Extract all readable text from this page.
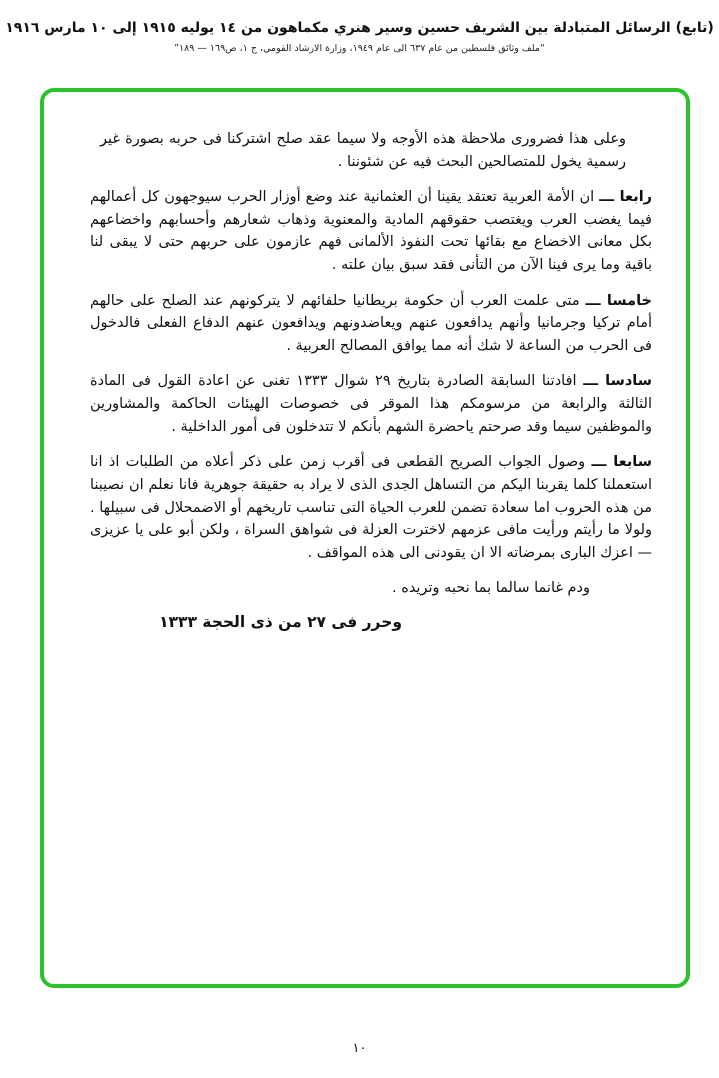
(تابع) الرسائل المتبادلة بين الشريف حسين وسير هنري مكماهون من ١٤ يوليه ١٩١٥ إلى ١٠ مارس ١٩١٦
“ملف وثائق فلسطين من عام ٦٣٧ الى عام ١٩٤٩، وزارة الارشاد القومي، ج ١، ص١٦٩ — ١٨٩”

وعلى هذا فضرورى ملاحظة هذه الأوجه ولا سيما عقد صلح اشتركنا فى حربه بصورة غير رسمية يخول للمتصالحين البحث فيه عن شئوننا .

رابعا ـــ ان الأمة العربية تعتقد يقينا أن العثمانية عند وضع أوزار الحرب سيوجهون كل أعمالهم فيما يغضب العرب ويغتصب حقوقهم المادية والمعنوية وذهاب شعارهم وأحسابهم واخضاعهم بكل معانى الاخضاع مع بقائها تحت النفوذ الألمانى فهم عازمون على حربهم حتى لا يبقى لنا باقية وما يرى فينا الآن من التأنى فقد سبق بيان علته .

خامسا ـــ متى علمت العرب أن حكومة بريطانيا حلفائهم لا يتركونهم عند الصلح على حالهم أمام تركيا وجرمانيا وأنهم يدافعون عنهم ويعاضدونهم ويدافعون عنهم الدفاع الفعلى فالدخول فى الحرب من الساعة لا شك أنه مما يوافق المصالح العربية .

سادسا ـــ افادتنا السابقة الصادرة بتاريخ ٢٩ شوال ١٣٣٣ تغنى عن اعادة القول فى المادة الثالثة والرابعة من مرسومكم هذا الموقر فى خصوصات الهيئات الحاكمة والمشاورين والموظفين سيما وقد صرحتم ياحضرة الشهم بأنكم لا تتدخلون فى أمور الداخلية .

سابعا ـــ وصول الجواب الصريح القطعى فى أقرب زمن على ذكر أعلاه من الطلبات اذ انا استعملنا كلما يقربنا اليكم من التساهل الجدى الذى لا يراد به حقيقة جوهرية فانا نعلم ان نصيبنا من هذه الحروب اما سعادة تضمن للعرب الحياة التى تناسب تاريخهم أو الاضمحلال فى سبيلها . ولولا ما رأيتم ورأيت مافى عزمهم لاخترت العزلة فى شواهق السراة ، ولكن أبو على يا عزيزى — اعزك البارى بمرضاته الا ان يقودنى الى هذه المواقف .

ودم غانما سالما بما نحبه وتريده .

وحرر فى ٢٧ من ذى الحجة ١٣٣٣

١٠
